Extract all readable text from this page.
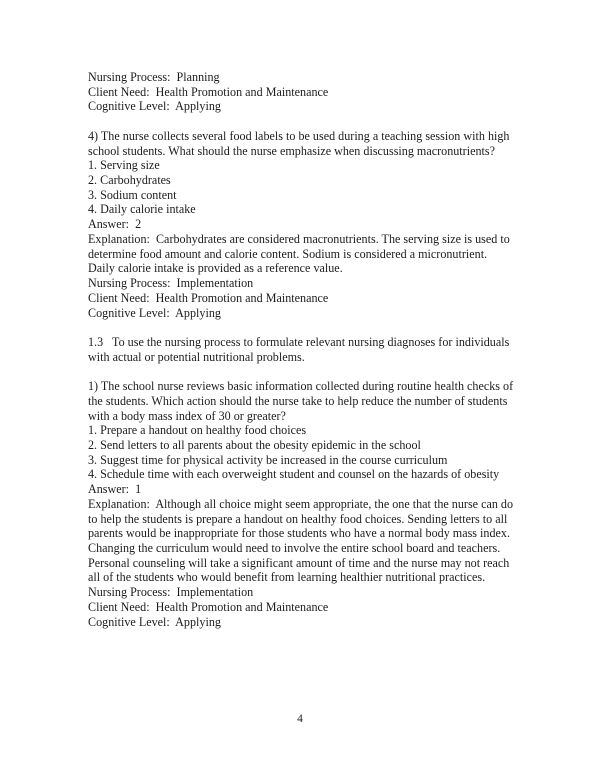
Nursing Process:  Planning
Client Need:  Health Promotion and Maintenance
Cognitive Level:  Applying
4) The nurse collects several food labels to be used during a teaching session with high school students. What should the nurse emphasize when discussing macronutrients?
1. Serving size
2. Carbohydrates
3. Sodium content
4. Daily calorie intake
Answer:  2
Explanation:  Carbohydrates are considered macronutrients. The serving size is used to determine food amount and calorie content. Sodium is considered a micronutrient. Daily calorie intake is provided as a reference value.
Nursing Process:  Implementation
Client Need:  Health Promotion and Maintenance
Cognitive Level:  Applying
1.3   To use the nursing process to formulate relevant nursing diagnoses for individuals with actual or potential nutritional problems.
1) The school nurse reviews basic information collected during routine health checks of the students. Which action should the nurse take to help reduce the number of students with a body mass index of 30 or greater?
1. Prepare a handout on healthy food choices
2. Send letters to all parents about the obesity epidemic in the school
3. Suggest time for physical activity be increased in the course curriculum
4. Schedule time with each overweight student and counsel on the hazards of obesity
Answer:  1
Explanation:  Although all choice might seem appropriate, the one that the nurse can do to help the students is prepare a handout on healthy food choices. Sending letters to all parents would be inappropriate for those students who have a normal body mass index. Changing the curriculum would need to involve the entire school board and teachers. Personal counseling will take a significant amount of time and the nurse may not reach all of the students who would benefit from learning healthier nutritional practices.
Nursing Process:  Implementation
Client Need:  Health Promotion and Maintenance
Cognitive Level:  Applying
4
